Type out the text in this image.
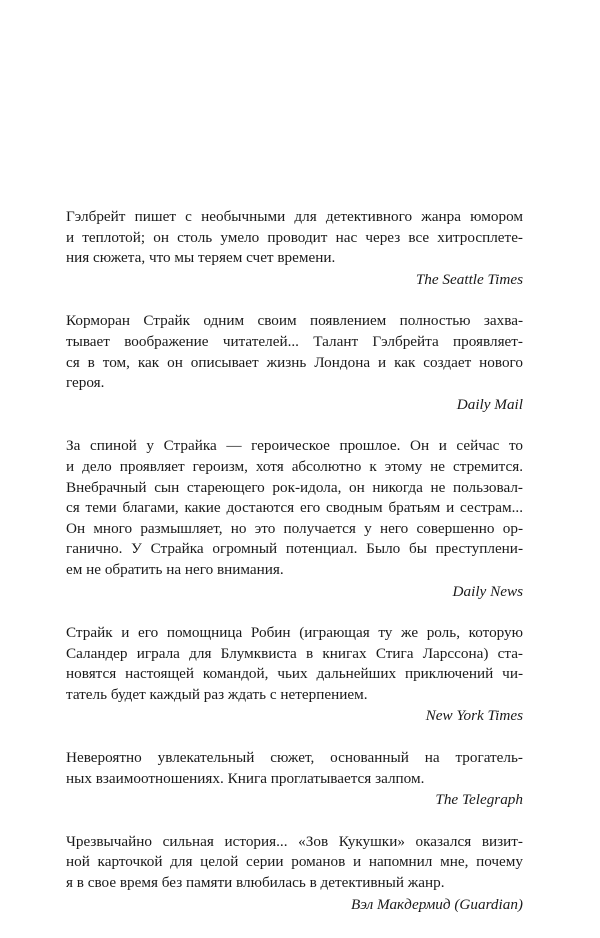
Гэлбрейт пишет с необычными для детективного жанра юмором
и теплотой; он столь умело проводит нас через все хитросплете-
ния сюжета, что мы теряем счет времени.

The Seattle Times

Корморан Страйк одним своим появлением полностью захва-
тывает воображение читателей... Талант Гэлбрейта проявляет-
ся в том, как он описывает жизнь Лондона и как создает нового
героя.

Daily Mail

За спиной у Страйка — героическое прошлое. Он и сейчас то
и дело проявляет героизм, хотя абсолютно к этому не стремится.
Внебрачный сын стареющего рок-идола, он никогда не пользовал-
ся теми благами, какие достаются его сводным братьям и сестрам...
Он много размышляет, но это получается у него совершенно ор-
ганично. У Страйка огромный потенциал. Было бы преступлени-
ем не обратить на него внимания.

Daily News

Страйк и его помощница Робин (играющая ту же роль, которую
Саландер играла для Блумквиста в книгах Стига Ларссона) ста-
новятся настоящей командой, чьих дальнейших приключений чи-
татель будет каждый раз ждать с нетерпением.

New York Times

Невероятно увлекательный сюжет, основанный на трогатель-
ных взаимоотношениях. Книга проглатывается залпом.

The Telegraph

Чрезвычайно сильная история... «Зов Кукушки» оказался визит-
ной карточкой для целой серии романов и напомнил мне, почему
я в свое время без памяти влюбилась в детективный жанр.

Вэл Макдермид (Guardian)
